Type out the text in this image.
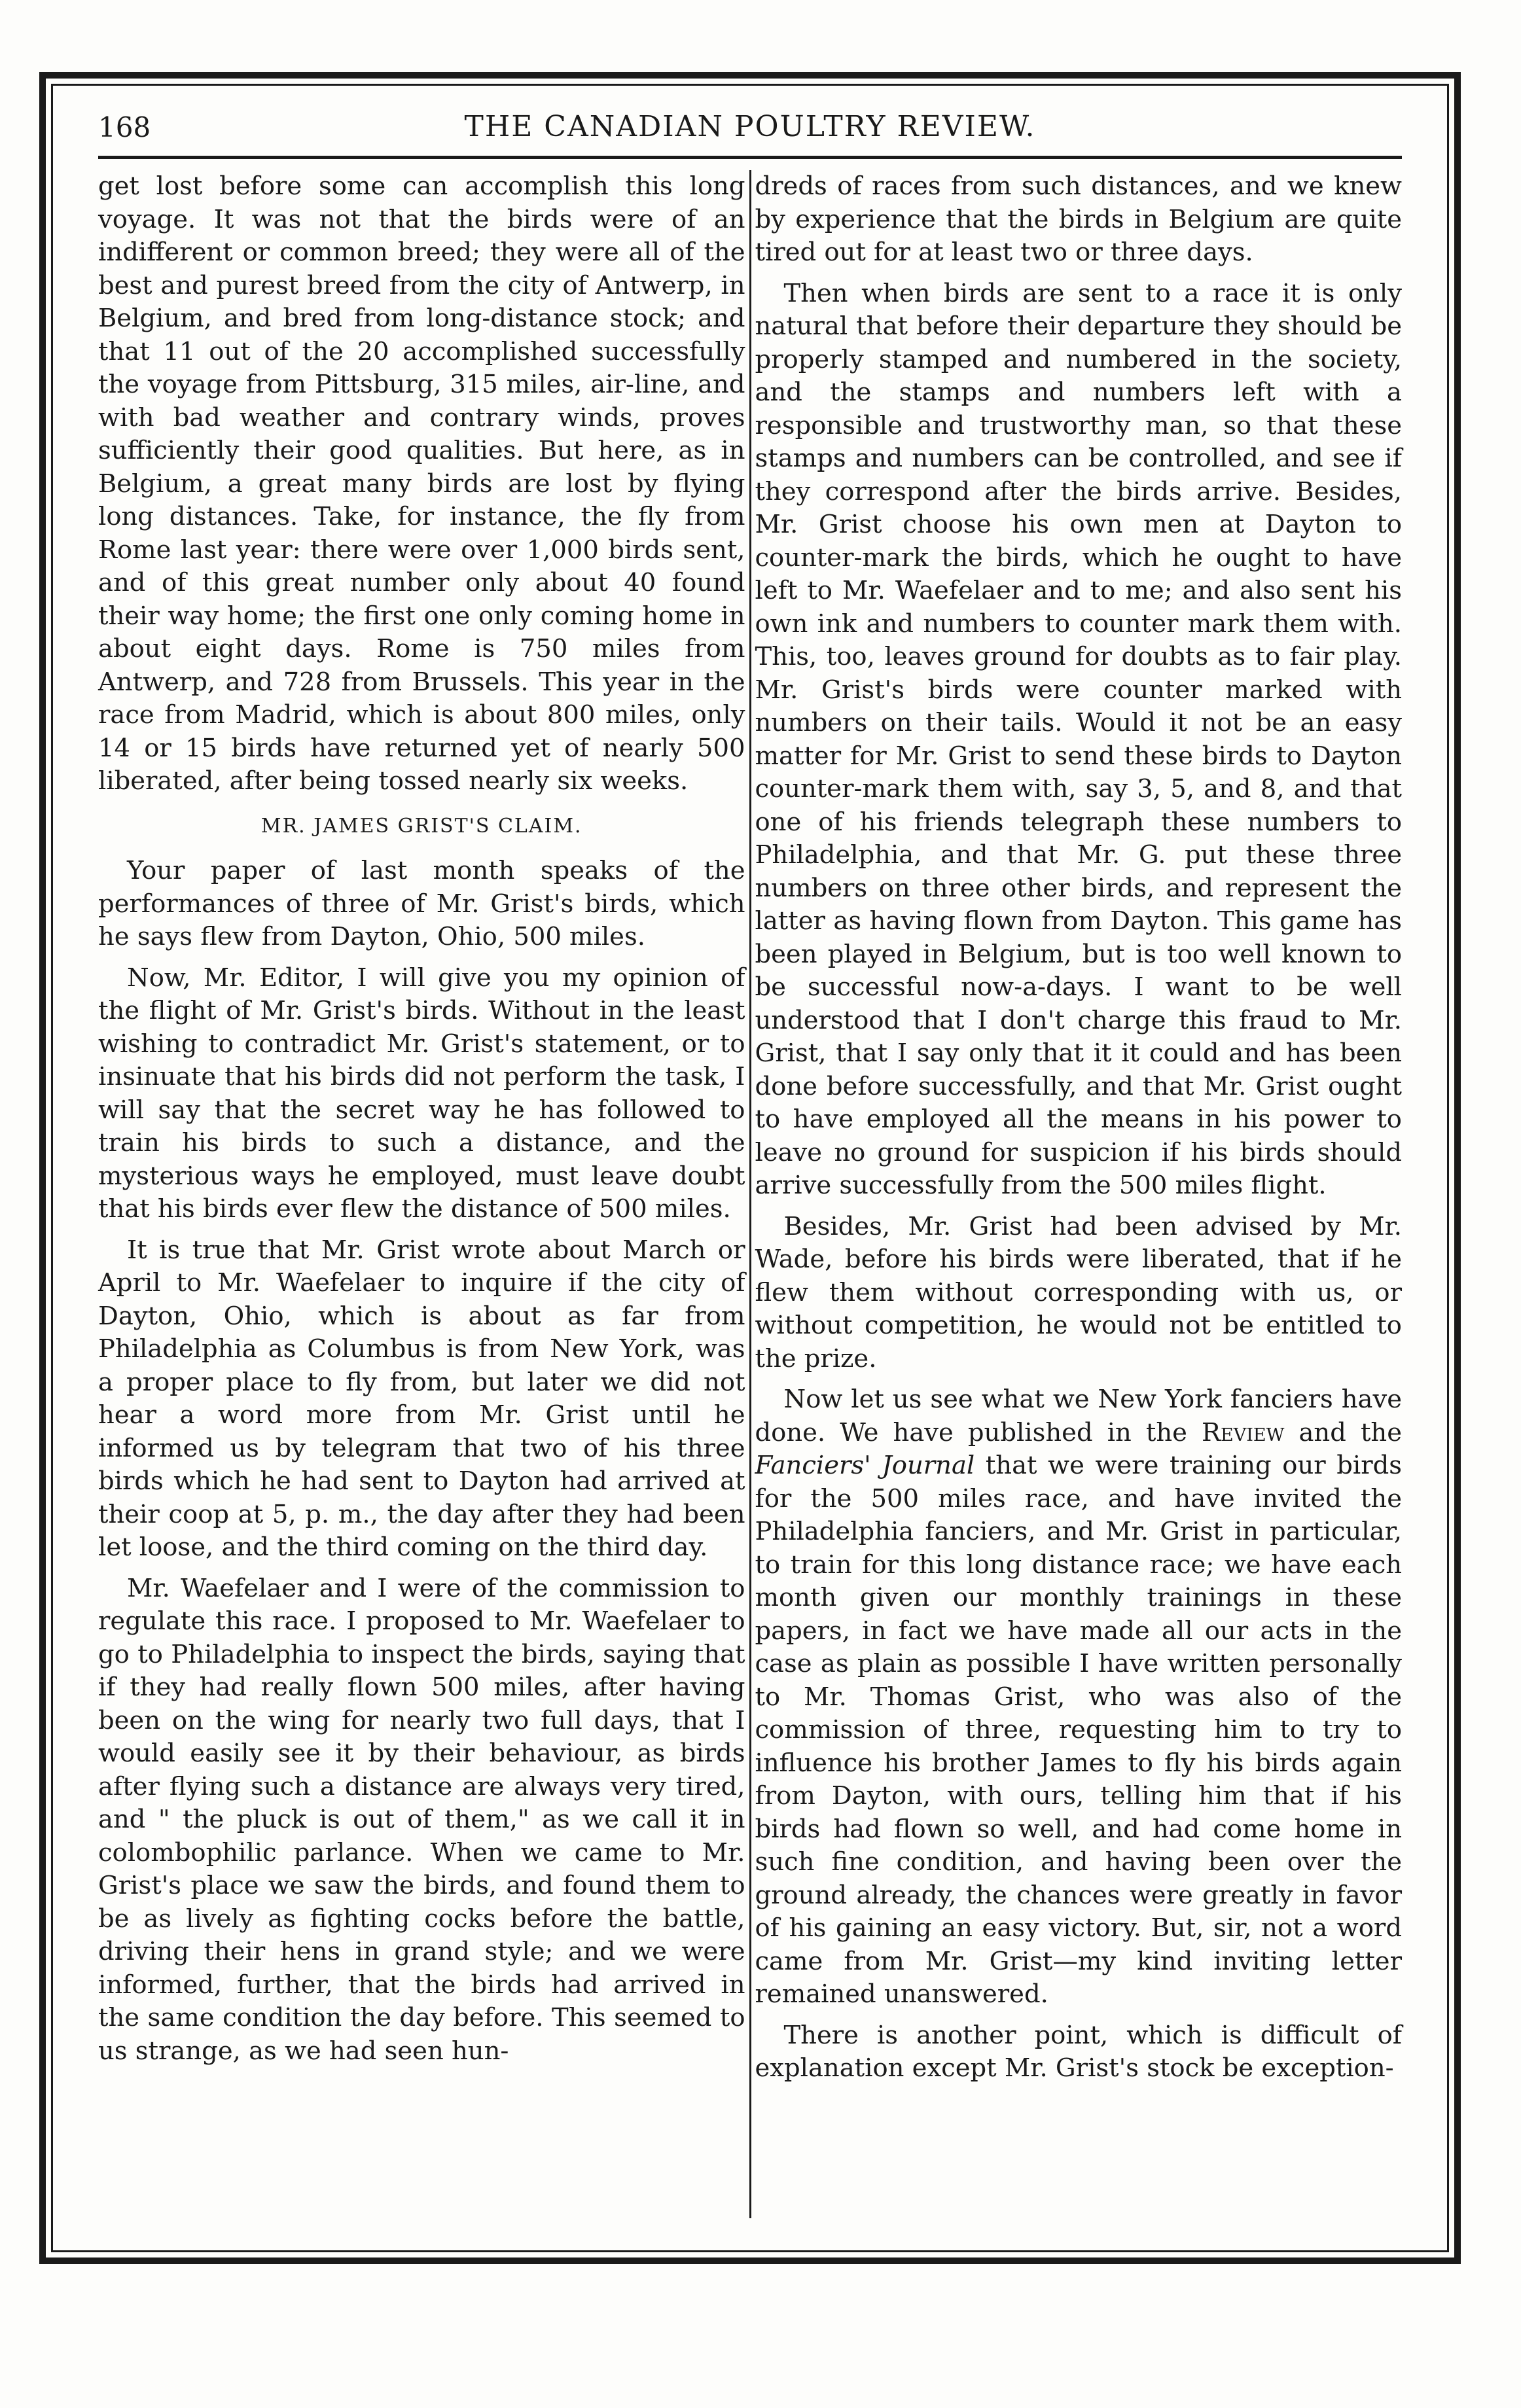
168	THE CANADIAN POULTRY REVIEW.

get lost before some can accomplish this long voyage. It was not that the birds were of an indifferent or common breed; they were all of the best and purest breed from the city of Antwerp, in Belgium, and bred from long-distance stock; and that 11 out of the 20 accomplished successfully the voyage from Pittsburg, 315 miles, air-line, and with bad weather and contrary winds, proves sufficiently their good qualities. But here, as in Belgium, a great many birds are lost by flying long distances. Take, for instance, the fly from Rome last year: there were over 1,000 birds sent, and of this great number only about 40 found their way home; the first one only coming home in about eight days. Rome is 750 miles from Antwerp, and 728 from Brussels. This year in the race from Madrid, which is about 800 miles, only 14 or 15 birds have returned yet of nearly 500 liberated, after being tossed nearly six weeks.

MR. JAMES GRIST'S CLAIM.

Your paper of last month speaks of the performances of three of Mr. Grist's birds, which he says flew from Dayton, Ohio, 500 miles.

Now, Mr. Editor, I will give you my opinion of the flight of Mr. Grist's birds. Without in the least wishing to contradict Mr. Grist's statement, or to insinuate that his birds did not perform the task, I will say that the secret way he has followed to train his birds to such a distance, and the mysterious ways he employed, must leave doubt that his birds ever flew the distance of 500 miles.

It is true that Mr. Grist wrote about March or April to Mr. Waefelaer to inquire if the city of Dayton, Ohio, which is about as far from Philadelphia as Columbus is from New York, was a proper place to fly from, but later we did not hear a word more from Mr. Grist until he informed us by telegram that two of his three birds which he had sent to Dayton had arrived at their coop at 5, p. m., the day after they had been let loose, and the third coming on the third day.

Mr. Waefelaer and I were of the commission to regulate this race. I proposed to Mr. Waefelaer to go to Philadelphia to inspect the birds, saying that if they had really flown 500 miles, after having been on the wing for nearly two full days, that I would easily see it by their behaviour, as birds after flying such a distance are always very tired, and " the pluck is out of them," as we call it in colombophilic parlance. When we came to Mr. Grist's place we saw the birds, and found them to be as lively as fighting cocks before the battle, driving their hens in grand style; and we were informed, further, that the birds had arrived in the same condition the day before. This seemed to us strange, as we had seen hun-

dreds of races from such distances, and we knew by experience that the birds in Belgium are quite tired out for at least two or three days.

Then when birds are sent to a race it is only natural that before their departure they should be properly stamped and numbered in the society, and the stamps and numbers left with a responsible and trustworthy man, so that these stamps and numbers can be controlled, and see if they correspond after the birds arrive. Besides, Mr. Grist choose his own men at Dayton to counter-mark the birds, which he ought to have left to Mr. Waefelaer and to me; and also sent his own ink and numbers to counter mark them with. This, too, leaves ground for doubts as to fair play. Mr. Grist's birds were counter marked with numbers on their tails. Would it not be an easy matter for Mr. Grist to send these birds to Dayton counter-mark them with, say 3, 5, and 8, and that one of his friends telegraph these numbers to Philadelphia, and that Mr. G. put these three numbers on three other birds, and represent the latter as having flown from Dayton. This game has been played in Belgium, but is too well known to be successful now-a-days. I want to be well understood that I don't charge this fraud to Mr. Grist, that I say only that it it could and has been done before successfully, and that Mr. Grist ought to have employed all the means in his power to leave no ground for suspicion if his birds should arrive successfully from the 500 miles flight.

Besides, Mr. Grist had been advised by Mr. Wade, before his birds were liberated, that if he flew them without corresponding with us, or without competition, he would not be entitled to the prize.

Now let us see what we New York fanciers have done. We have published in the Review and the Fanciers' Journal that we were training our birds for the 500 miles race, and have invited the Philadelphia fanciers, and Mr. Grist in particular, to train for this long distance race; we have each month given our monthly trainings in these papers, in fact we have made all our acts in the case as plain as possible I have written personally to Mr. Thomas Grist, who was also of the commission of three, requesting him to try to influence his brother James to fly his birds again from Dayton, with ours, telling him that if his birds had flown so well, and had come home in such fine condition, and having been over the ground already, the chances were greatly in favor of his gaining an easy victory. But, sir, not a word came from Mr. Grist—my kind inviting letter remained unanswered.

There is another point, which is difficult of explanation except Mr. Grist's stock be exception-
